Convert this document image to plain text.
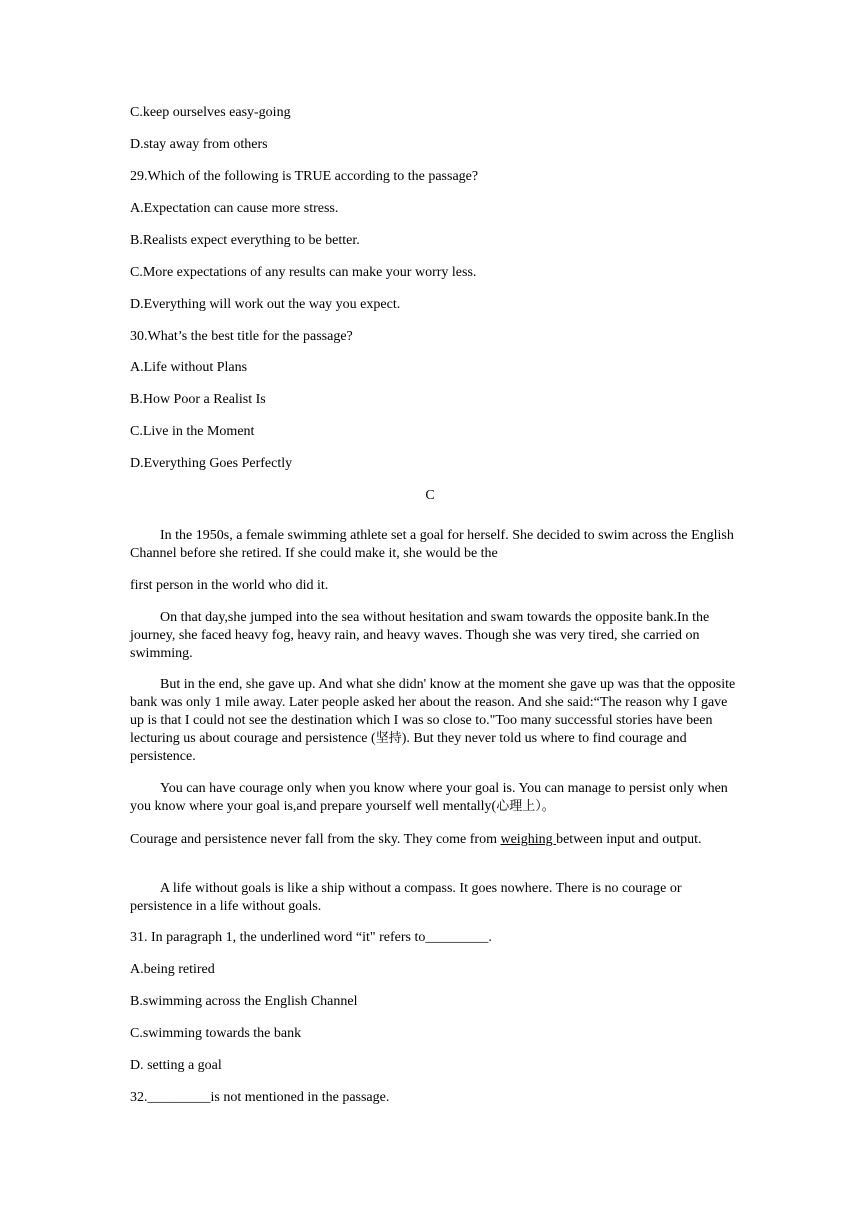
C.keep ourselves easy-going
D.stay away from others
29.Which of the following is TRUE according to the passage?
A.Expectation can cause more stress.
B.Realists expect everything to be better.
C.More expectations of any results can make your worry less.
D.Everything will work out the way you expect.
30.What’s the best title for the passage?
A.Life without Plans
B.How Poor a Realist Is
C.Live in the Moment
D.Everything Goes Perfectly
C
In the 1950s, a female swimming athlete set a goal for herself. She decided to swim across the English Channel before she retired. If she could make it, she would be the
first person in the world who did it.
On that day,she jumped into the sea without hesitation and swam towards the opposite bank.In the journey, she faced heavy fog, heavy rain, and heavy waves. Though she was very tired, she carried on swimming.
But in the end, she gave up. And what she didn' know at the moment she gave up was that the opposite bank was only 1 mile away. Later people asked her about the reason. And she said:“The reason why I gave up is that I could not see the destination which I was so close to."Too many successful stories have been lecturing us about courage and persistence (坚持). But they never told us where to find courage and persistence.
You can have courage only when you know where your goal is. You can manage to persist only when you know where your goal is,and prepare yourself well mentally(心理上）。
Courage and persistence never fall from the sky. They come from weighing between input and output.
A life without goals is like a ship without a compass. It goes nowhere. There is no courage or persistence in a life without goals.
31. In paragraph 1, the underlined word “it" refers to_________.
A.being retired
B.swimming across the English Channel
C.swimming towards the bank
D. setting a goal
32._________is not mentioned in the passage.
